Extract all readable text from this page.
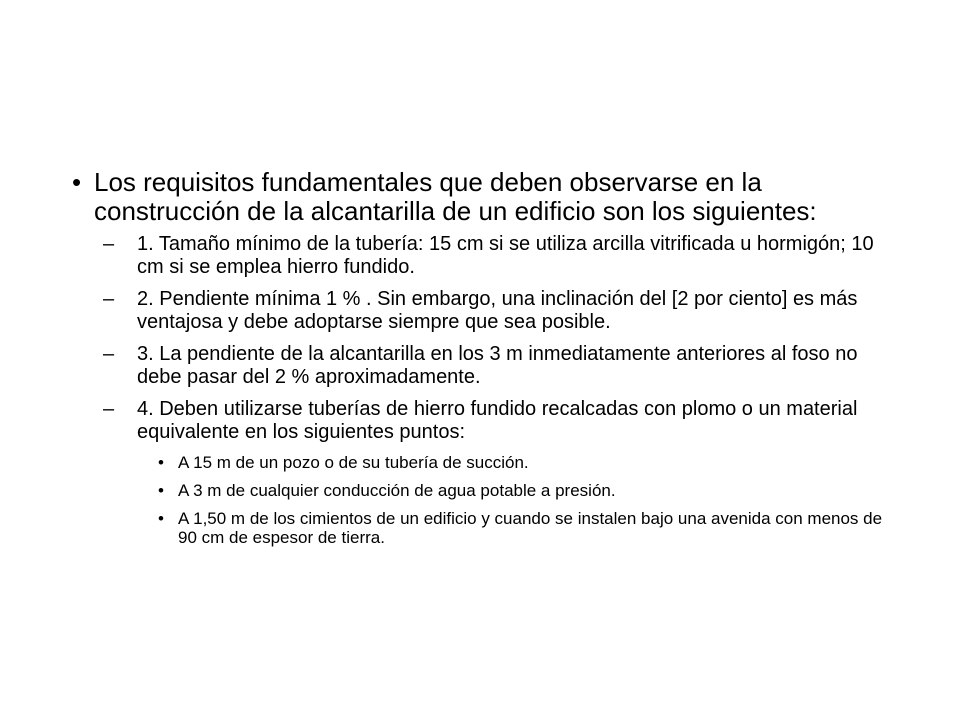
• Los requisitos fundamentales que deben observarse en la construcción de la alcantarilla de un edificio son los siguientes:
– 1. Tamaño mínimo de la tubería: 15 cm si se utiliza arcilla vitrificada u hormigón; 10 cm si se emplea hierro fundido.
– 2. Pendiente mínima 1 % . Sin embargo, una inclinación del [2 por ciento] es más ventajosa y debe adoptarse siempre que sea posible.
– 3. La pendiente de la alcantarilla en los 3 m inmediatamente anteriores al foso no debe pasar del 2 % aproximadamente.
– 4. Deben utilizarse tuberías de hierro fundido recalcadas con plomo o un material equivalente en los siguientes puntos:
• A 15 m de un pozo o de su tubería de succión.
• A 3 m de cualquier conducción de agua potable a presión.
• A 1,50 m de los cimientos de un edificio y cuando se instalen bajo una avenida con menos de 90 cm de espesor de tierra.
